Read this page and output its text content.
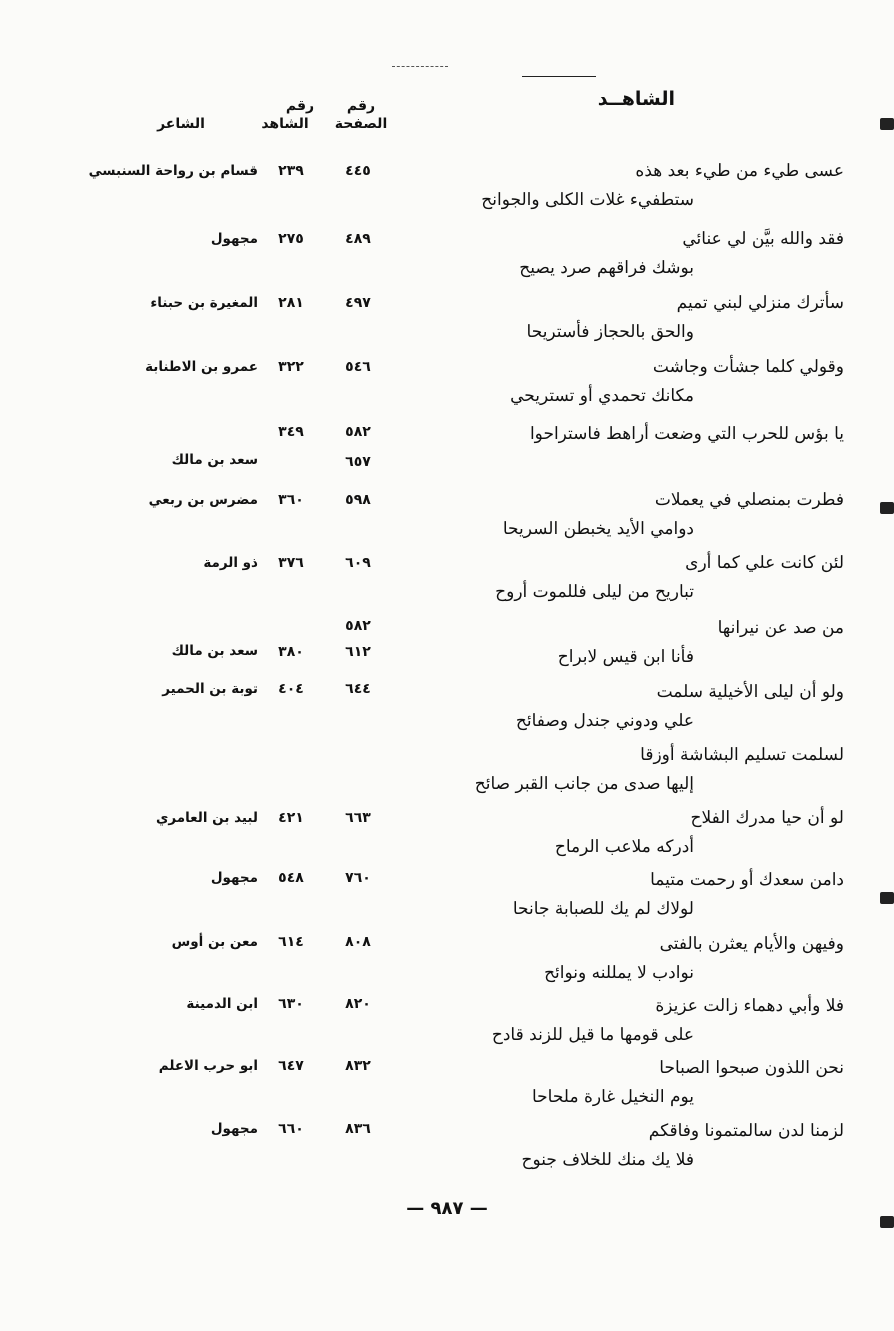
الشاهــد
رقم
الصفحة
رقم
الشاهد
الشاعر
عسى طيء من طيء بعد هذه
ستطفيء غلات الكلى والجوانح
٤٤٥
٢٣٩
قسام بن رواحة السنبسي
فقد والله بيَّن لي عنائي
بوشك فراقهم صرد يصيح
٤٨٩
٢٧٥
مجهول
سأترك منزلي لبني تميم
والحق بالحجاز فأستريحا
٤٩٧
٢٨١
المغيرة بن حبناء
وقولي كلما جشأت وجاشت
مكانك تحمدي أو تستريحي
٥٤٦
٣٢٢
عمرو بن الاطنابة
يا بؤس للحرب التي وضعت أراهط فاستراحوا
٥٨٢
٦٥٧
٣٤٩
سعد بن مالك
فطرت بمنصلي في يعملات
دوامي الأيد يخبطن السريحا
٥٩٨
٣٦٠
مضرس بن ربعي
لئن كانت علي كما أرى
تباريح من ليلى فللموت أروح
٦٠٩
٣٧٦
ذو الرمة
من صد عن نيرانها
فأنا ابن قيس لابراح
٥٨٢
٦١٢
٣٨٠
سعد بن مالك
ولو أن ليلى الأخيلية سلمت
علي ودوني جندل وصفائح
٦٤٤
٤٠٤
توبة بن الحمير
لسلمت تسليم البشاشة أوزقا
إليها صدى من جانب القبر صائح
لو أن حيا مدرك الفلاح
أدركه ملاعب الرماح
٦٦٣
٤٢١
لبيد بن العامري
دامن سعدك أو رحمت متيما
لولاك لم يك للصبابة جانحا
٧٦٠
٥٤٨
مجهول
وفيهن والأيام يعثرن بالفتى
نوادب لا يمللنه ونوائح
٨٠٨
٦١٤
معن بن أوس
فلا وأبي دهماء زالت عزيزة
على قومها ما قيل للزند قادح
٨٢٠
٦٣٠
ابن الدمينة
نحن اللذون صبحوا الصباحا
يوم النخيل غارة ملحاحا
٨٣٢
٦٤٧
ابو حرب الاعلم
لزمنا لدن سالمتمونا وفاقكم
فلا يك منك للخلاف جنوح
٨٣٦
٦٦٠
مجهول
— ٩٨٧ —
